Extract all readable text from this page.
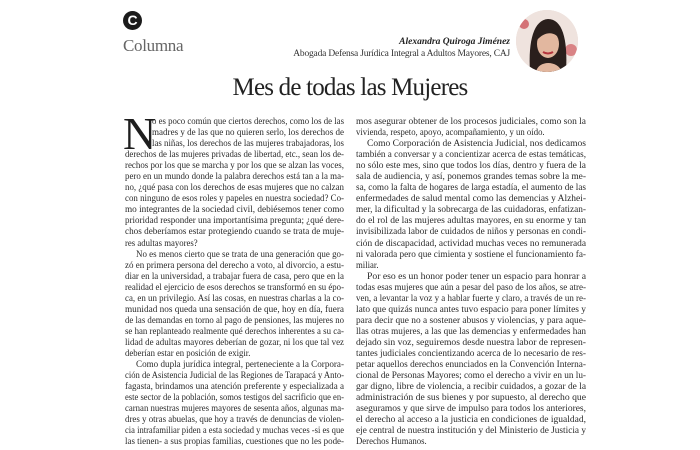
C
Columna	Alexandra Quiroga Jiménez
Abogada Defensa Jurídica Integral a Adultos Mayores, CAJ
Mes de todas las Mujeres
N
o es poco común que ciertos derechos, como los de las
madres y de las que no quieren serlo, los derechos de
las niñas, los derechos de las mujeres trabajadoras, los
derechos de las mujeres privadas de libertad, etc., sean los de-
rechos por los que se marcha y por los que se alzan las voces,
pero en un mundo donde la palabra derechos está tan a la ma-
no, ¿qué pasa con los derechos de esas mujeres que no calzan
con ninguno de esos roles y papeles en nuestra sociedad? Co-
mo integrantes de la sociedad civil, debiésemos tener como
prioridad responder una importantísima pregunta; ¿qué dere-
chos deberíamos estar protegiendo cuando se trata de muje-
res adultas mayores?
No es menos cierto que se trata de una generación que go-
zó en primera persona del derecho a voto, al divorcio, a estu-
diar en la universidad, a trabajar fuera de casa, pero que en la
realidad el ejercicio de esos derechos se transformó en su épo-
ca, en un privilegio. Así las cosas, en nuestras charlas a la co-
munidad nos queda una sensación de que, hoy en día, fuera
de las demandas en torno al pago de pensiones, las mujeres no
se han replanteado realmente qué derechos inherentes a su ca-
lidad de adultas mayores deberían de gozar, ni los que tal vez
deberían estar en posición de exigir.
Como dupla jurídica integral, perteneciente a la Corpora-
ción de Asistencia Judicial de las Regiones de Tarapacá y Anto-
fagasta, brindamos una atención preferente y especializada a
este sector de la población, somos testigos del sacrificio que en-
carnan nuestras mujeres mayores de sesenta años, algunas ma-
dres y otras abuelas, que hoy a través de denuncias de violen-
cia intrafamiliar piden a esta sociedad y muchas veces -si es que
las tienen- a sus propias familias, cuestiones que no les pode-
mos asegurar obtener de los procesos judiciales, como son la
vivienda, respeto, apoyo, acompañamiento, y un oído.
Como Corporación de Asistencia Judicial, nos dedicamos
también a conversar y a concientizar acerca de estas temáticas,
no sólo este mes, sino que todos los días, dentro y fuera de la
sala de audiencia, y así, ponemos grandes temas sobre la me-
sa, como la falta de hogares de larga estadía, el aumento de las
enfermedades de salud mental como las demencias y Alzhei-
mer, la dificultad y la sobrecarga de las cuidadoras, enfatizan-
do el rol de las mujeres adultas mayores, en su enorme y tan
invisibilizada labor de cuidados de niños y personas en condi-
ción de discapacidad, actividad muchas veces no remunerada
ni valorada pero que cimienta y sostiene el funcionamiento fa-
miliar.
Por eso es un honor poder tener un espacio para honrar a
todas esas mujeres que aún a pesar del paso de los años, se atre-
ven, a levantar la voz y a hablar fuerte y claro, a través de un re-
lato que quizás nunca antes tuvo espacio para poner límites y
para decir que no a sostener abusos y violencias, y para aque-
llas otras mujeres, a las que las demencias y enfermedades han
dejado sin voz, seguiremos desde nuestra labor de represen-
tantes judiciales concientizando acerca de lo necesario de res-
petar aquellos derechos enunciados en la Convención Interna-
cional de Personas Mayores; como el derecho a vivir en un lu-
gar digno, libre de violencia, a recibir cuidados, a gozar de la
administración de sus bienes y por supuesto, al derecho que
aseguramos y que sirve de impulso para todos los anteriores,
el derecho al acceso a la justicia en condiciones de igualdad,
eje central de nuestra institución y del Ministerio de Justicia y
Derechos Humanos.
